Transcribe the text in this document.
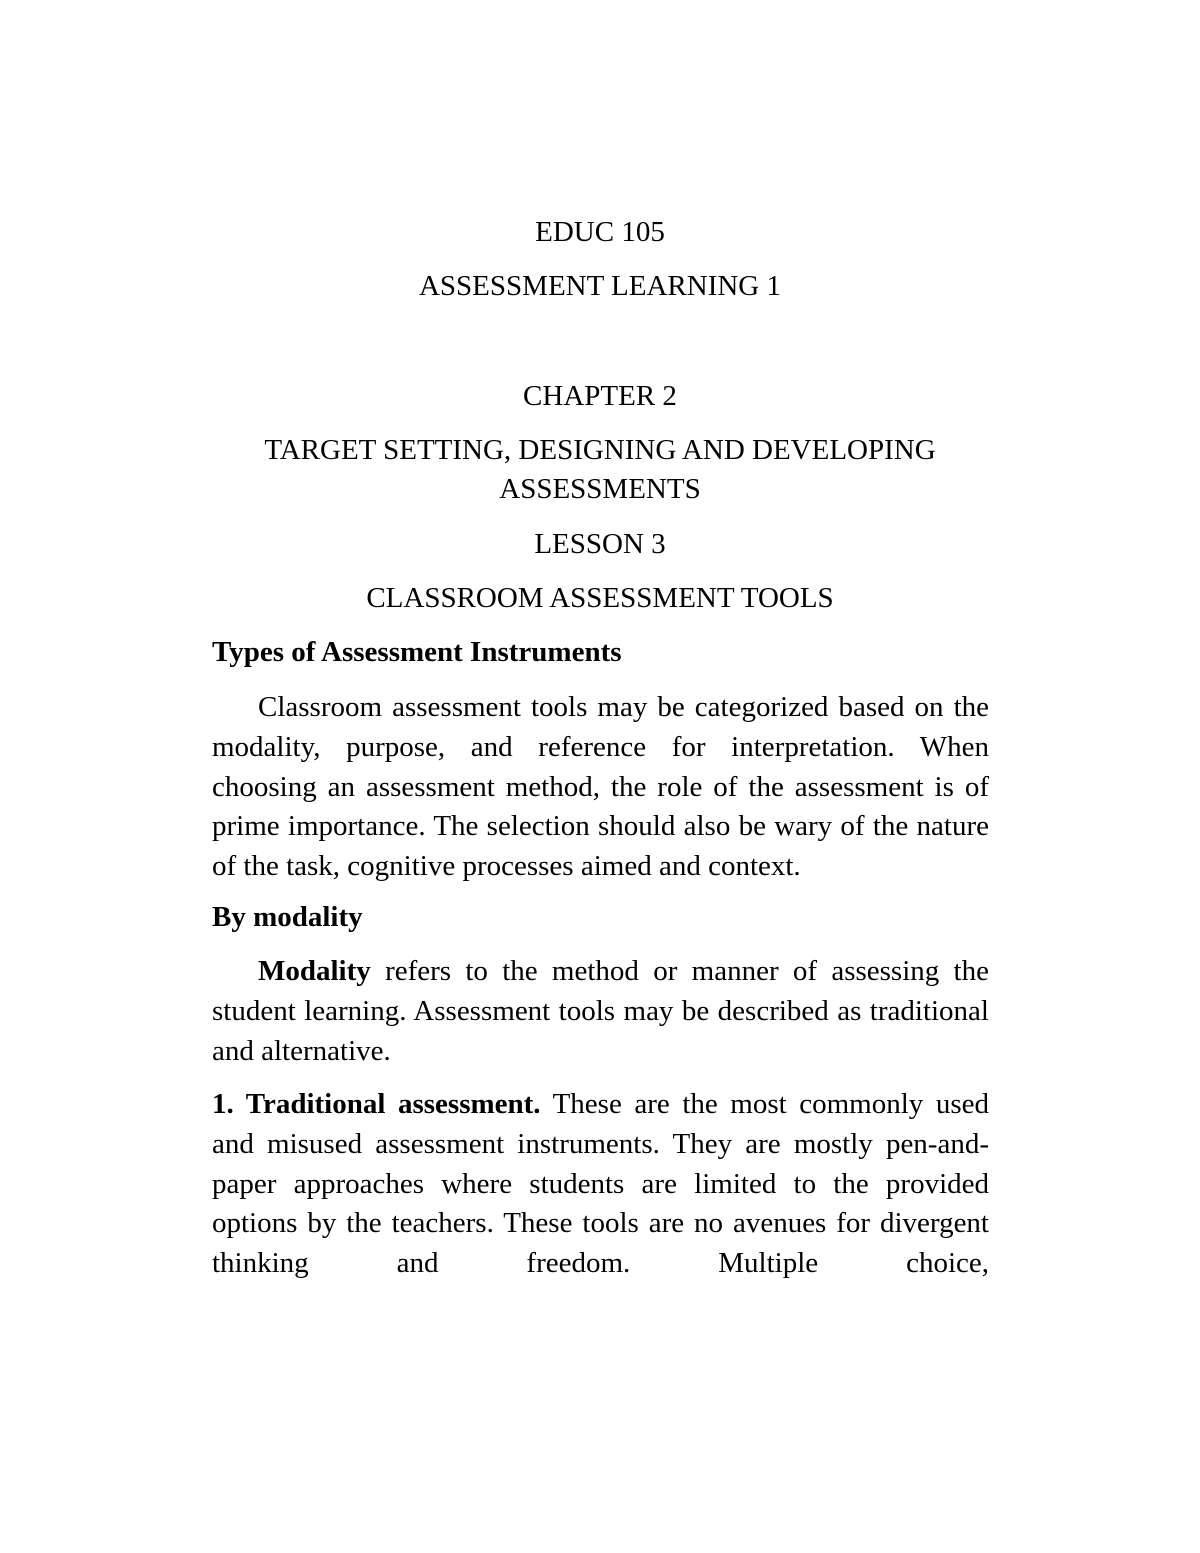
EDUC 105
ASSESSMENT LEARNING 1
CHAPTER 2
TARGET SETTING, DESIGNING AND DEVELOPING
ASSESSMENTS
LESSON 3
CLASSROOM ASSESSMENT TOOLS
Types of Assessment Instruments

Classroom assessment tools may be categorized based on the modality, purpose, and reference for interpretation. When choosing an assessment method, the role of the assessment is of prime importance. The selection should also be wary of the nature of the task, cognitive processes aimed and context.

By modality

Modality refers to the method or manner of assessing the student learning. Assessment tools may be described as traditional and alternative.

1. Traditional assessment. These are the most commonly used and misused assessment instruments. They are mostly pen-and-paper approaches where students are limited to the provided options by the teachers. These tools are no avenues for divergent thinking and freedom. Multiple choice,
